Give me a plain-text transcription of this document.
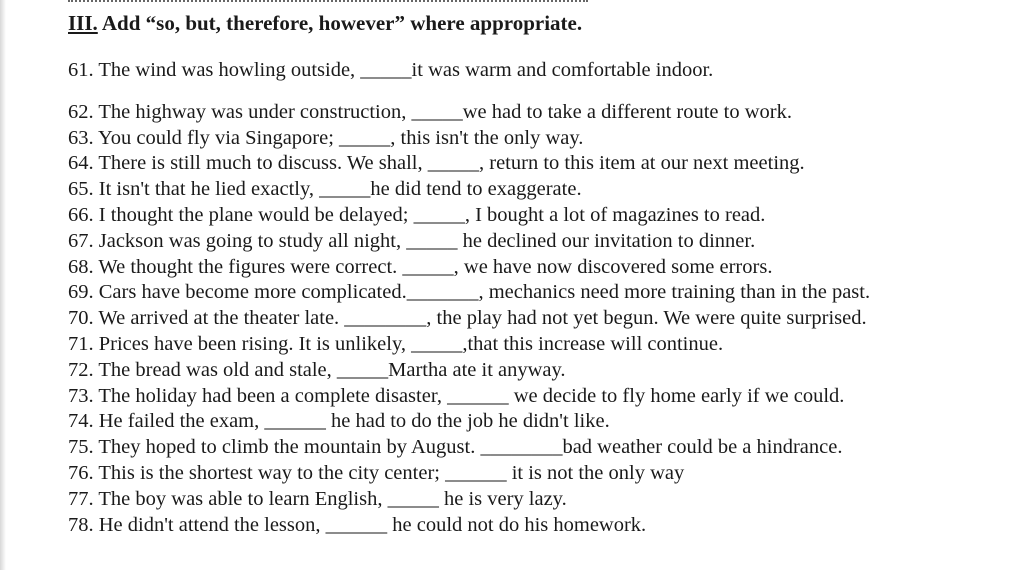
III. Add “so, but, therefore, however” where appropriate.
61. The wind was howling outside, _____it was warm and comfortable indoor.
62. The highway was under construction, _____we had to take a different route to work.
63. You could fly via Singapore; _____, this isn't the only way.
64. There is still much to discuss. We shall, _____, return to this item at our next meeting.
65. It isn't that he lied exactly, _____he did tend to exaggerate.
66. I thought the plane would be delayed; _____, I bought a lot of magazines to read.
67. Jackson was going to study all night, _____ he declined our invitation to dinner.
68. We thought the figures were correct. _____, we have now discovered some errors.
69. Cars have become more complicated._______, mechanics need more training than in the past.
70. We arrived at the theater late. ________, the play had not yet begun. We were quite surprised.
71. Prices have been rising. It is unlikely, _____,that this increase will continue.
72. The bread was old and stale, _____Martha ate it anyway.
73. The holiday had been a complete disaster, ______ we decide to fly home early if we could.
74. He failed the exam, ______ he had to do the job he didn't like.
75. They hoped to climb the mountain by August. ________bad weather could be a hindrance.
76. This is the shortest way to the city center; ______ it is not the only way
77. The boy was able to learn English, _____ he is very lazy.
78. He didn't attend the lesson, ______ he could not do his homework.
